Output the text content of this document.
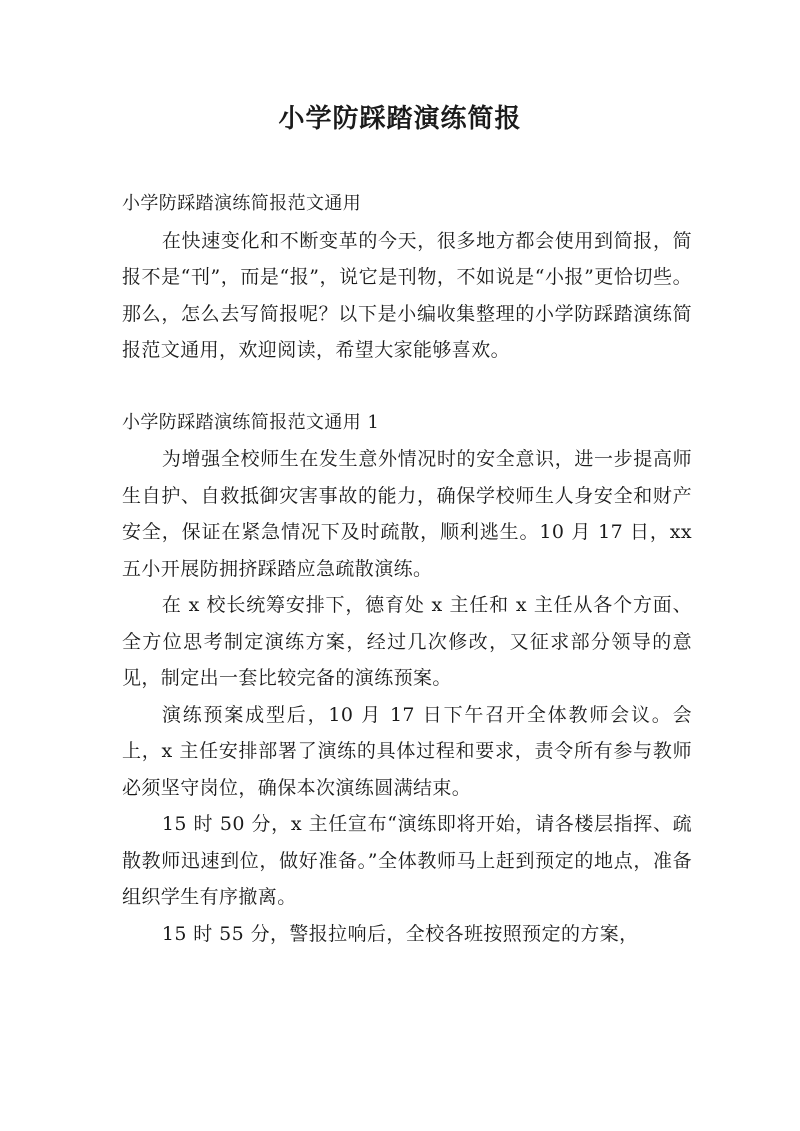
小学防踩踏演练简报

小学防踩踏演练简报范文通用

在快速变化和不断变革的今天，很多地方都会使用到简报，简报不是“刊”，而是“报”，说它是刊物，不如说是“小报”更恰切些。那么，怎么去写简报呢？以下是小编收集整理的小学防踩踏演练简报范文通用，欢迎阅读，希望大家能够喜欢。

小学防踩踏演练简报范文通用 1

为增强全校师生在发生意外情况时的安全意识，进一步提高师生自护、自救抵御灾害事故的能力，确保学校师生人身安全和财产安全，保证在紧急情况下及时疏散，顺利逃生。10 月 17 日，xx 五小开展防拥挤踩踏应急疏散演练。

在 x 校长统筹安排下，德育处 x 主任和 x 主任从各个方面、全方位思考制定演练方案，经过几次修改，又征求部分领导的意见，制定出一套比较完备的演练预案。

演练预案成型后，10 月 17 日下午召开全体教师会议。会上，x 主任安排部署了演练的具体过程和要求，责令所有参与教师必须坚守岗位，确保本次演练圆满结束。

15 时 50 分，x 主任宣布“演练即将开始，请各楼层指挥、疏散教师迅速到位，做好准备。”全体教师马上赶到预定的地点，准备组织学生有序撤离。

15 时 55 分，警报拉响后，全校各班按照预定的方案，
